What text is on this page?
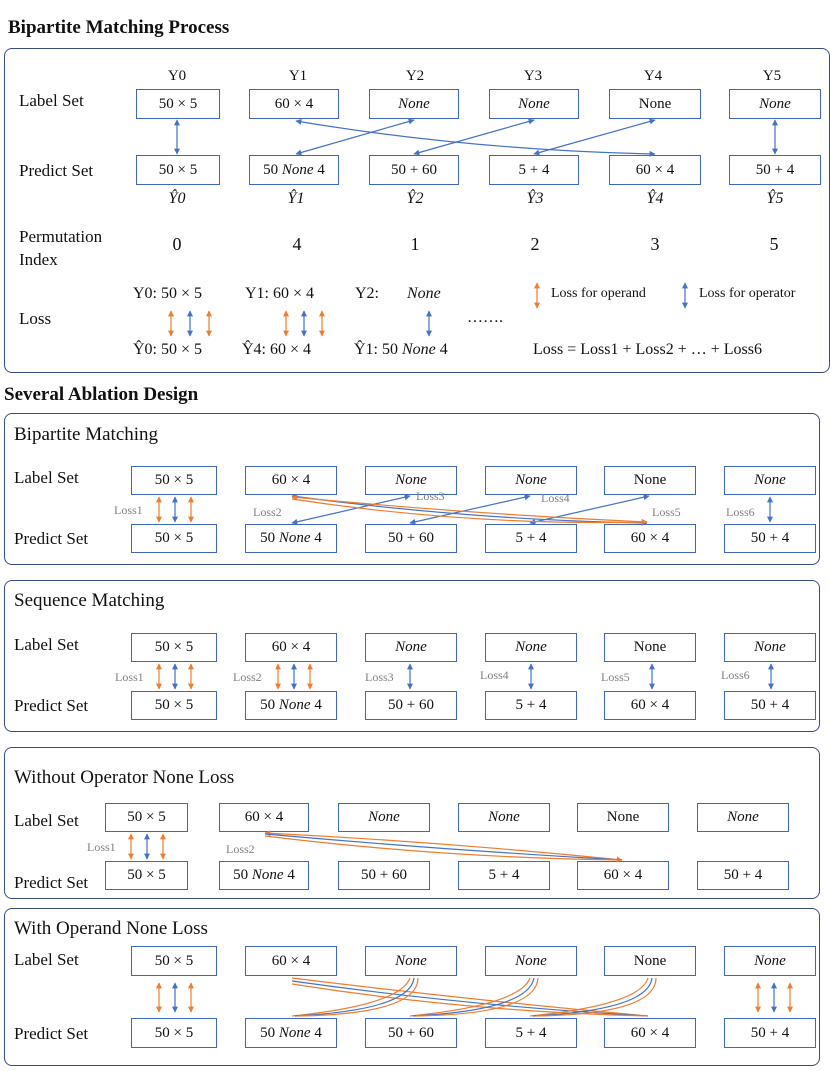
Bipartite Matching Process
Several Ablation Design
Label Set
Predict Set
Permutation
Index
Loss
Y0	Y1	Y2	Y3	Y4	Y5
50 × 5	60 × 4	None	None	None	None
50 × 5	50 None 4	50 + 60	5 + 4	60 × 4	50 + 4
Ŷ0	Ŷ1	Ŷ2	Ŷ3	Ŷ4	Ŷ5
0	4	1	2	3	5
Y0: 50 × 5
Ŷ0: 50 × 5
Y1: 60 × 4
Ŷ4: 60 × 4
Y2: None
Ŷ1: 50 None 4
…….
Loss for operand	Loss for operator
Loss = Loss1 + Loss2 + … + Loss6
Bipartite Matching
Label Set
Predict Set
50 × 5	60 × 4	None	None	None	None
50 × 5	50 None 4	50 + 60	5 + 4	60 × 4	50 + 4
Loss1	Loss2
Loss3	Loss4
Loss5	Loss6
Sequence Matching
Label Set
Predict Set
50 × 5	60 × 4	None	None	None	None
50 × 5	50 None 4	50 + 60	5 + 4	60 × 4	50 + 4
Loss1	Loss2	Loss3	Loss4	Loss5	Loss6
Without Operator None Loss
Label Set
Predict Set
50 × 5	60 × 4	None	None	None	None
50 × 5	50 None 4	50 + 60	5 + 4	60 × 4	50 + 4
Loss1	Loss2
With Operand None Loss
Label Set
Predict Set
50 × 5	60 × 4	None	None	None	None
50 × 5	50 None 4	50 + 60	5 + 4	60 × 4	50 + 4
